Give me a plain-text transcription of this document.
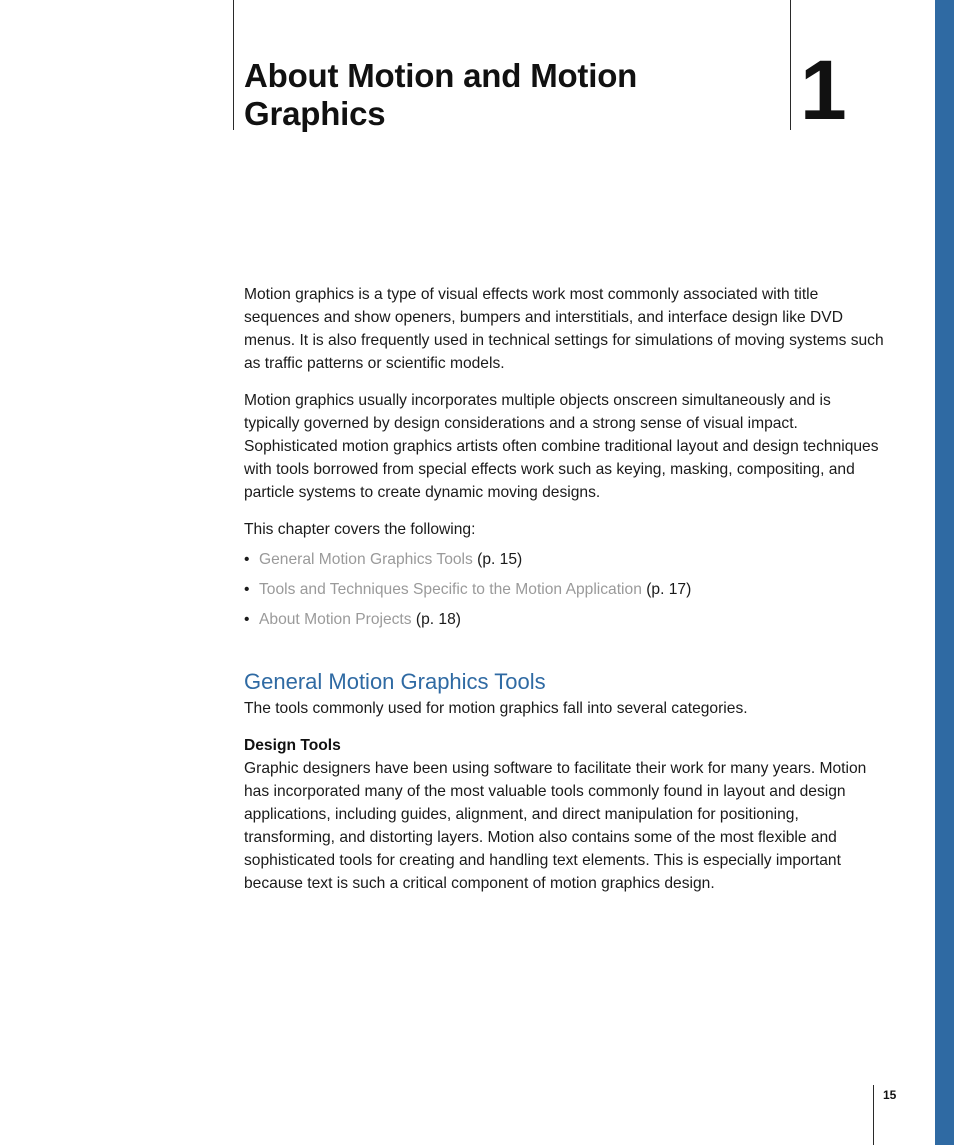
About Motion and Motion Graphics	1

Motion graphics is a type of visual effects work most commonly associated with title sequences and show openers, bumpers and interstitials, and interface design like DVD menus. It is also frequently used in technical settings for simulations of moving systems such as traffic patterns or scientific models.

Motion graphics usually incorporates multiple objects onscreen simultaneously and is typically governed by design considerations and a strong sense of visual impact. Sophisticated motion graphics artists often combine traditional layout and design techniques with tools borrowed from special effects work such as keying, masking, compositing, and particle systems to create dynamic moving designs.

This chapter covers the following:

• General Motion Graphics Tools (p. 15)
• Tools and Techniques Specific to the Motion Application (p. 17)
• About Motion Projects (p. 18)
General Motion Graphics Tools

The tools commonly used for motion graphics fall into several categories.

Design Tools

Graphic designers have been using software to facilitate their work for many years. Motion has incorporated many of the most valuable tools commonly found in layout and design applications, including guides, alignment, and direct manipulation for positioning, transforming, and distorting layers. Motion also contains some of the most flexible and sophisticated tools for creating and handling text elements. This is especially important because text is such a critical component of motion graphics design.

15
